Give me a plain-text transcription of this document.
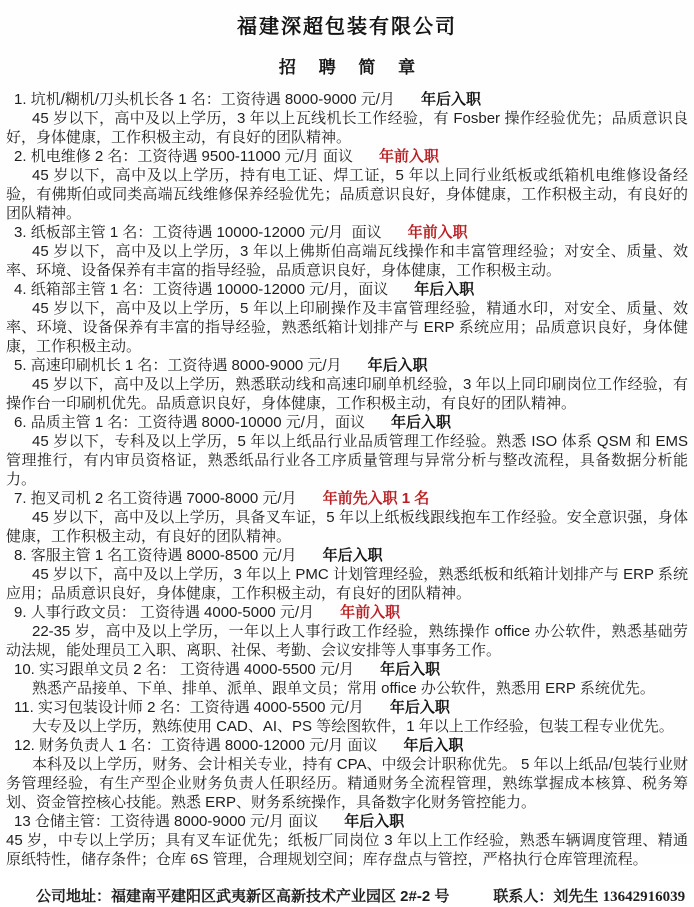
福建深超包装有限公司
招 聘 简 章

1. 坑机/糊机/刀头机长各 1 名：工资待遇 8000-9000 元/月 年后入职

45 岁以下，高中及以上学历，3 年以上瓦线机长工作经验，有 Fosber 操作经验优先；品质意识良好，身体健康，工作积极主动，有良好的团队精神。

2. 机电维修 2 名：工资待遇 9500-11000 元/月 面议 年前入职

45 岁以下，高中及以上学历，持有电工证、焊工证，5 年以上同行业纸板或纸箱机电维修设备经验，有佛斯伯或同类高端瓦线维修保养经验优先；品质意识良好，身体健康，工作积极主动，有良好的团队精神。

3. 纸板部主管 1 名：工资待遇 10000-12000 元/月  面议 年前入职

45 岁以下，高中及以上学历，3 年以上佛斯伯高端瓦线操作和丰富管理经验；对安全、质量、效率、环境、设备保养有丰富的指导经验，品质意识良好，身体健康，工作积极主动。

4. 纸箱部主管 1 名：工资待遇 10000-12000 元/月，面议 年后入职

45 岁以下，高中及以上学历，5 年以上印刷操作及丰富管理经验，精通水印，对安全、质量、效率、环境、设备保养有丰富的指导经验，熟悉纸箱计划排产与 ERP 系统应用；品质意识良好，身体健康，工作积极主动。

5. 高速印刷机长 1 名：工资待遇 8000-9000 元/月 年后入职

45 岁以下，高中及以上学历，熟悉联动线和高速印刷单机经验，3 年以上同印刷岗位工作经验，有操作台一印刷机优先。品质意识良好，身体健康，工作积极主动，有良好的团队精神。

6. 品质主管 1 名：工资待遇 8000-10000 元/月，面议 年后入职

45 岁以下，专科及以上学历，5 年以上纸品行业品质管理工作经验。熟悉 ISO 体系 QSM 和 EMS 管理推行，有内审员资格证，熟悉纸品行业各工序质量管理与异常分析与整改流程，具备数据分析能力。

7. 抱叉司机 2 名工资待遇 7000-8000 元/月 年前先入职 1 名

45 岁以下，高中及以上学历，具备叉车证，5 年以上纸板线跟线抱车工作经验。安全意识强，身体健康，工作积极主动，有良好的团队精神。

8. 客服主管 1 名工资待遇 8000-8500 元/月 年后入职

45 岁以下，高中及以上学历，3 年以上 PMC 计划管理经验，熟悉纸板和纸箱计划排产与 ERP 系统应用；品质意识良好，身体健康，工作积极主动，有良好的团队精神。

9. 人事行政文员： 工资待遇 4000-5000 元/月 年前入职

22-35 岁，高中及以上学历，一年以上人事行政工作经验，熟练操作 office 办公软件，熟悉基础劳动法规，能处理员工入职、离职、社保、考勤、会议安排等人事事务工作。

10. 实习跟单文员 2 名： 工资待遇 4000-5500 元/月 年后入职

熟悉产品接单、下单、排单、派单、跟单文员；常用 office 办公软件，熟悉用 ERP 系统优先。

11. 实习包装设计师 2 名：工资待遇 4000-5500 元/月 年后入职

大专及以上学历，熟练使用 CAD、AI、PS 等绘图软件，1 年以上工作经验，包装工程专业优先。

12. 财务负责人 1 名：工资待遇 8000-12000 元/月 面议 年后入职

本科及以上学历，财务、会计相关专业，持有 CPA、中级会计职称优先。 5 年以上纸品/包装行业财务管理经验，有生产型企业财务负责人任职经历。精通财务全流程管理，熟练掌握成本核算、税务筹划、资金管控核心技能。熟悉 ERP、财务系统操作，具备数字化财务管控能力。

13 仓储主管：工资待遇 8000-9000 元/月 面议 年后入职

45 岁，中专以上学历；具有叉车证优先；纸板厂同岗位 3 年以上工作经验，熟悉车辆调度管理、精通原纸特性，储存条件；仓库 6S 管理，合理规划空间；库存盘点与管控，严格执行仓库管理流程。

公司地址：福建南平建阳区武夷新区高新技术产业园区 2#-2 号	联系人：刘先生 13642916039
